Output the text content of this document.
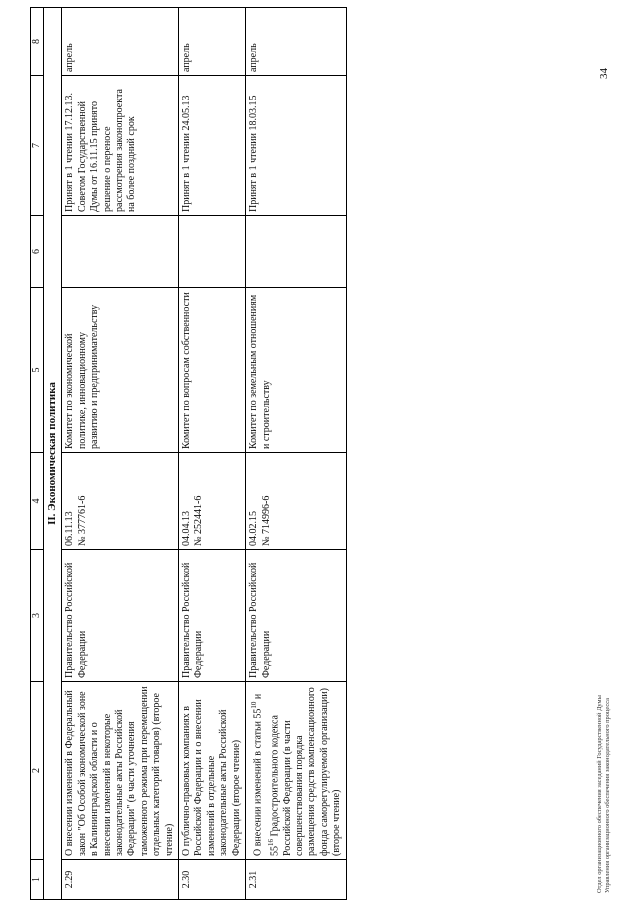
1	2	3	4	5	6	7	8
II. Экономическая политика							
2.29	О внесении изменений в Федеральный закон "Об Особой экономической зоне в Калининградской области и о внесении изменений в некоторые законодательные акты Российской Федерации" (в части уточнения таможенного режима при перемещении отдельных категорий товаров) (второе чтение)	Правительство Российской Федерации	06.11.13 № 377761-6	Комитет по экономической политике, инновационному развитию и предпринимательству		Принят в 1 чтении 17.12.13. Советом Государственной Думы от 16.11.15 принято решение о переносе рассмотрения законопроекта на более поздний срок	апрель
2.30	О публично-правовых компаниях в Российской Федерации и о внесении изменений в отдельные законодательные акты Российской Федерации (второе чтение)	Правительство Российской Федерации	04.04.13 № 252441-6	Комитет по вопросам собственности		Принят в 1 чтении 24.05.13	апрель
2.31	О внесении изменений в статьи $55^{10}$ и $55^{16}$ Градостроительного кодекса Российской Федерации (в части совершенствования порядка размещения средств компенсационного фонда саморегулируемой организации) (второе чтение)	Правительство Российской Федерации	04.02.15 № 714996-6	Комитет по земельным отношениям и строительству		Принят в 1 чтении 18.03.15	апрель
Отдел организационного обеспечения заседаний Государственной Думы Управления организационного обеспечения законодательного процесса
34
